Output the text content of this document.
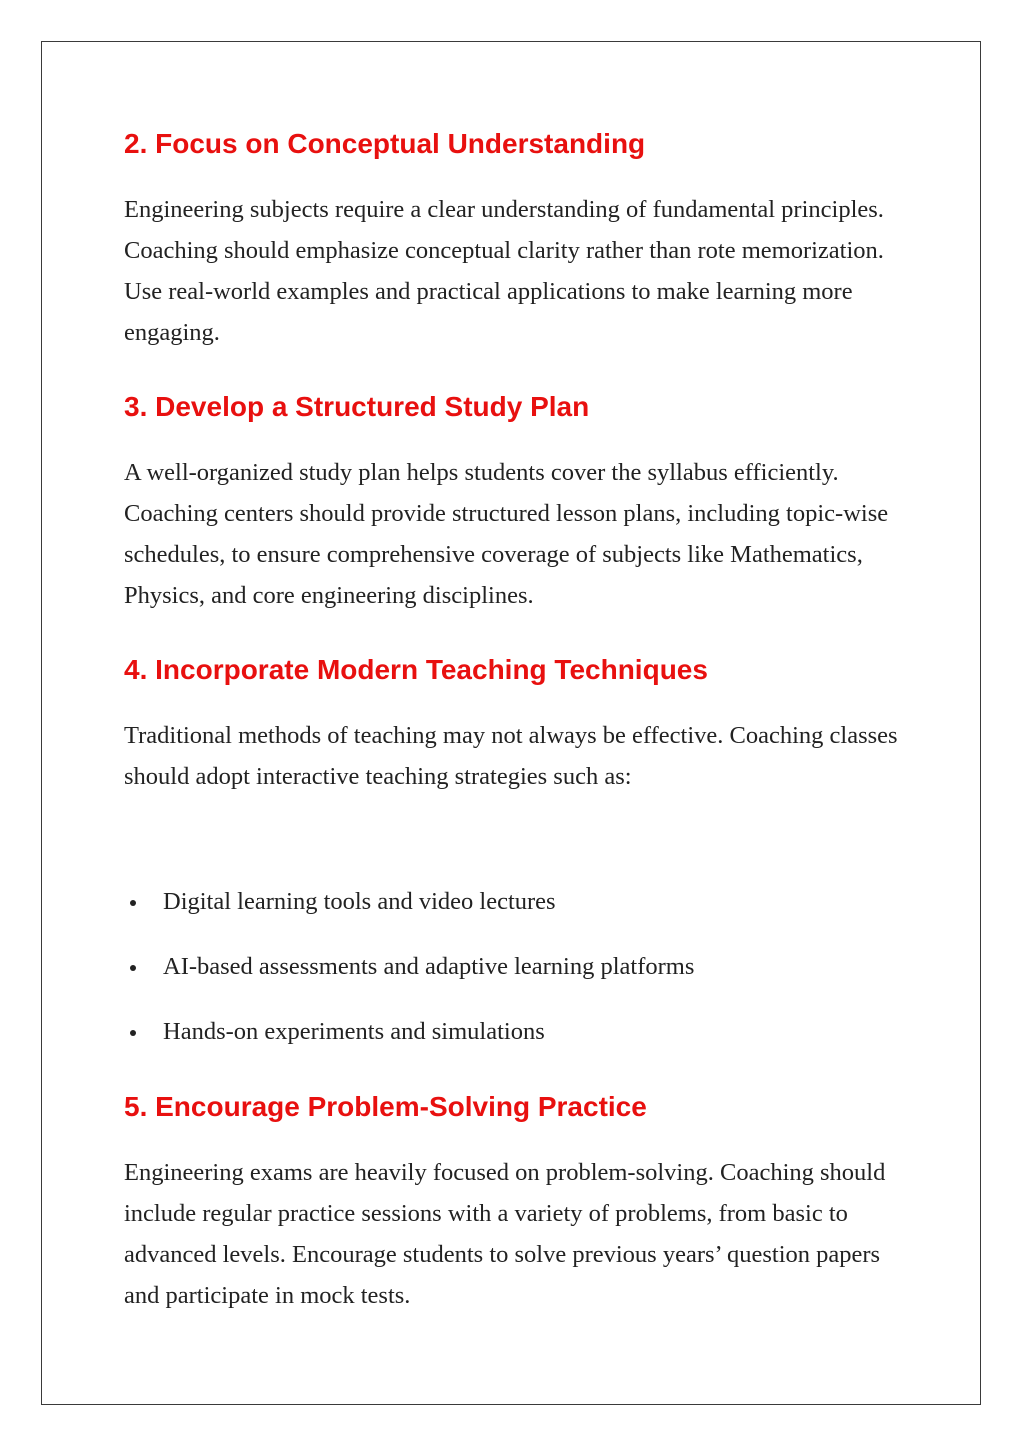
2. Focus on Conceptual Understanding

Engineering subjects require a clear understanding of fundamental principles. Coaching should emphasize conceptual clarity rather than rote memorization. Use real-world examples and practical applications to make learning more engaging.

3. Develop a Structured Study Plan

A well-organized study plan helps students cover the syllabus efficiently. Coaching centers should provide structured lesson plans, including topic-wise schedules, to ensure comprehensive coverage of subjects like Mathematics, Physics, and core engineering disciplines.

4. Incorporate Modern Teaching Techniques

Traditional methods of teaching may not always be effective. Coaching classes should adopt interactive teaching strategies such as:

Digital learning tools and video lectures
AI-based assessments and adaptive learning platforms
Hands-on experiments and simulations
5. Encourage Problem-Solving Practice

Engineering exams are heavily focused on problem-solving. Coaching should include regular practice sessions with a variety of problems, from basic to advanced levels. Encourage students to solve previous years’ question papers and participate in mock tests.
